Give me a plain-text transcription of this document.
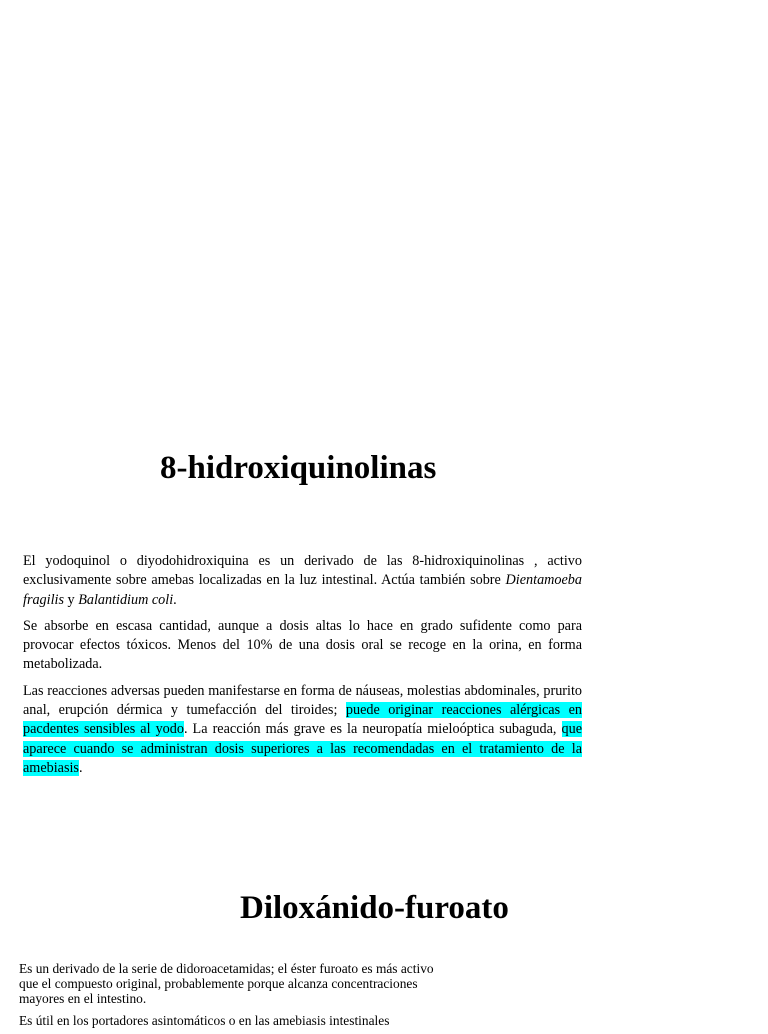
8-hidroxiquinolinas

El yodoquinol o diyodohidroxiquina es un derivado de las 8-hidroxiquinolinas , activo exclusivamente sobre amebas localizadas en la luz intestinal. Actúa también sobre Dientamoeba fragilis y Balantidium coli.

Se absorbe en escasa cantidad, aunque a dosis altas lo hace en grado sufidente como para provocar efectos tóxicos. Menos del 10% de una dosis oral se recoge en la orina, en forma metabolizada.

Las reacciones adversas pueden manifestarse en forma de náuseas, molestias abdominales, prurito anal, erupción dérmica y tumefacción del tiroides; puede originar reacciones alérgicas en pacdentes sensibles al yodo. La reacción más grave es la neuropatía mieloóptica subaguda, que aparece cuando se administran dosis superiores a las recomendadas en el tratamiento de la amebiasis.

Diloxánido-furoato

Es un derivado de la serie de didoroacetamidas; el éster furoato es más activo que el compuesto original, probablemente porque alcanza concentraciones mayores en el intestino.

Es útil en los portadores asintomáticos o en las amebiasis intestinales
